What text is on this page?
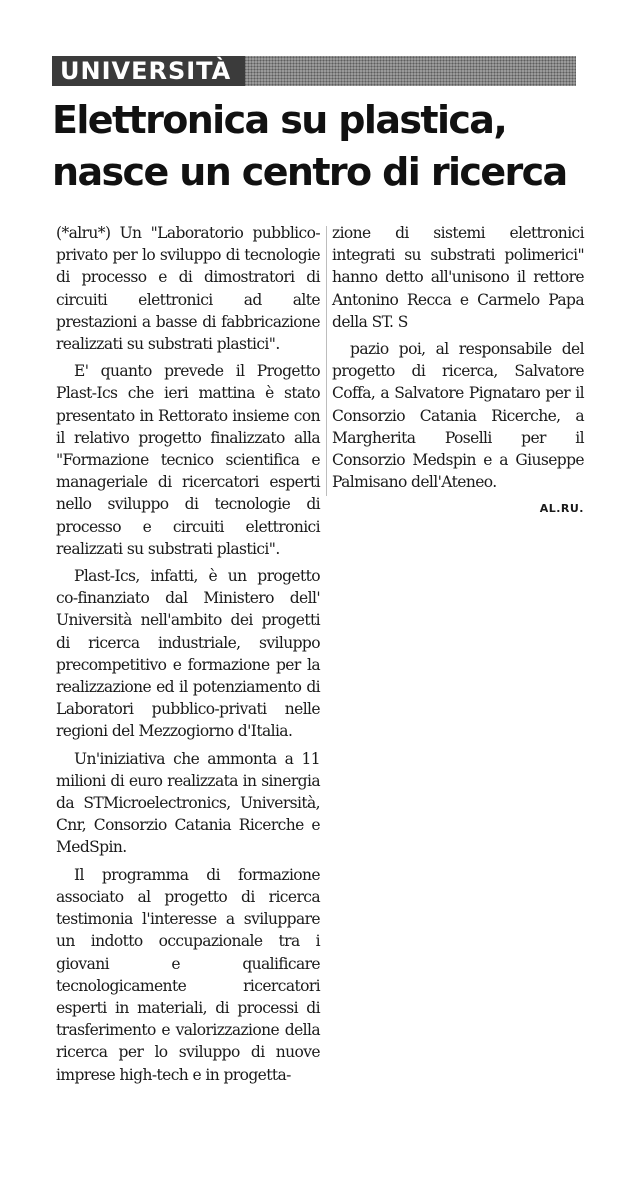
UNIVERSITÀ
Elettronica su plastica,
nasce un centro di ricerca

(*alru*) Un "Laboratorio pubblico-privato per lo sviluppo di tecnologie di processo e di dimostratori di circuiti elettronici ad alte prestazioni a basse di fabbricazione realizzati su substrati plastici".

E' quanto prevede il Progetto Plast-Ics che ieri mattina è stato presentato in Rettorato insieme con il relativo progetto finalizzato alla "Formazione tecnico scientifica e manageriale di ricercatori esperti nello sviluppo di tecnologie di processo e circuiti elettronici realizzati su substrati plastici".

Plast-Ics, infatti, è un progetto co-finanziato dal Ministero dell' Università nell'ambito dei progetti di ricerca industriale, sviluppo precompetitivo e formazione per la realizzazione ed il potenziamento di Laboratori pubblico-privati nelle regioni del Mezzogiorno d'Italia.

Un'iniziativa che ammonta a 11 milioni di euro realizzata in sinergia da STMicroelectronics, Università, Cnr, Consorzio Catania Ricerche e MedSpin.

Il programma di formazione associato al progetto di ricerca testimonia l'interesse a sviluppare un indotto occupazionale tra i giovani e qualificare tecnologicamente ricercatori esperti in materiali, di processi di trasferimento e valorizzazione della ricerca per lo sviluppo di nuove imprese high-tech e in progetta-

zione di sistemi elettronici integrati su substrati polimerici" hanno detto all'unisono il rettore Antonino Recca e Carmelo Papa della ST. S

pazio poi, al responsabile del progetto di ricerca, Salvatore Coffa, a Salvatore Pignataro per il Consorzio Catania Ricerche, a Margherita Poselli per il Consorzio Medspin e a Giuseppe Palmisano dell'Ateneo.

AL.RU.
